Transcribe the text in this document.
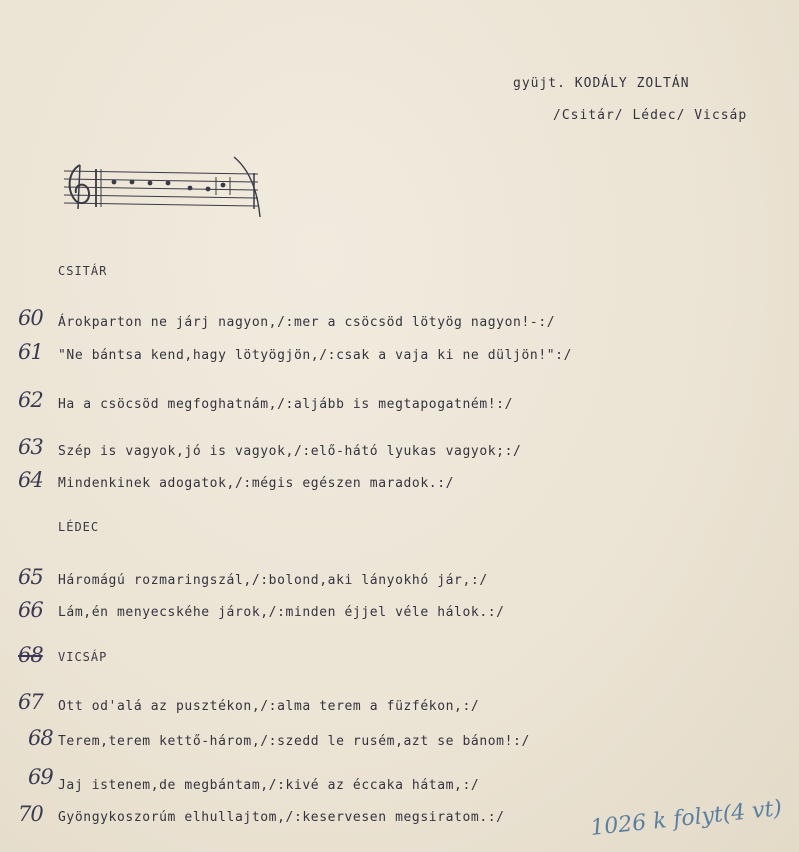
gyüjt. KODÁLY ZOLTÁN
/Csitár/ Lédec/ Vicsáp
CSITÁR
60 Árokparton ne járj nagyon,/:mer a csöcsöd lötyög nagyon!-:/
61 "Ne bántsa kend,hagy lötyögjön,/:csak a vaja ki ne düljön!":/
62 Ha a csöcsöd megfoghatnám,/:aljább is megtapogatném!:/
63 Szép is vagyok,jó is vagyok,/:elő-hátó lyukas vagyok;:/
64 Mindenkinek adogatok,/:mégis egészen maradok.:/
LÉDEC
65 Háromágú rozmaringszál,/:bolond,aki lányokhó jár,:/
66 Lám,én menyecskéhe járok,/:minden éjjel véle hálok.:/
68 VICSÁP
67 Ott od'alá az pusztékon,/:alma terem a füzfékon,:/
68 Terem,terem kettő-három,/:szedd le rusém,azt se bánom!:/
69 Jaj istenem,de megbántam,/:kivé az éccaka hátam,:/
70 Gyöngykoszorúm elhullajtom,/:keservesen megsiratom.:/	1026 k folyt(4 vt)
